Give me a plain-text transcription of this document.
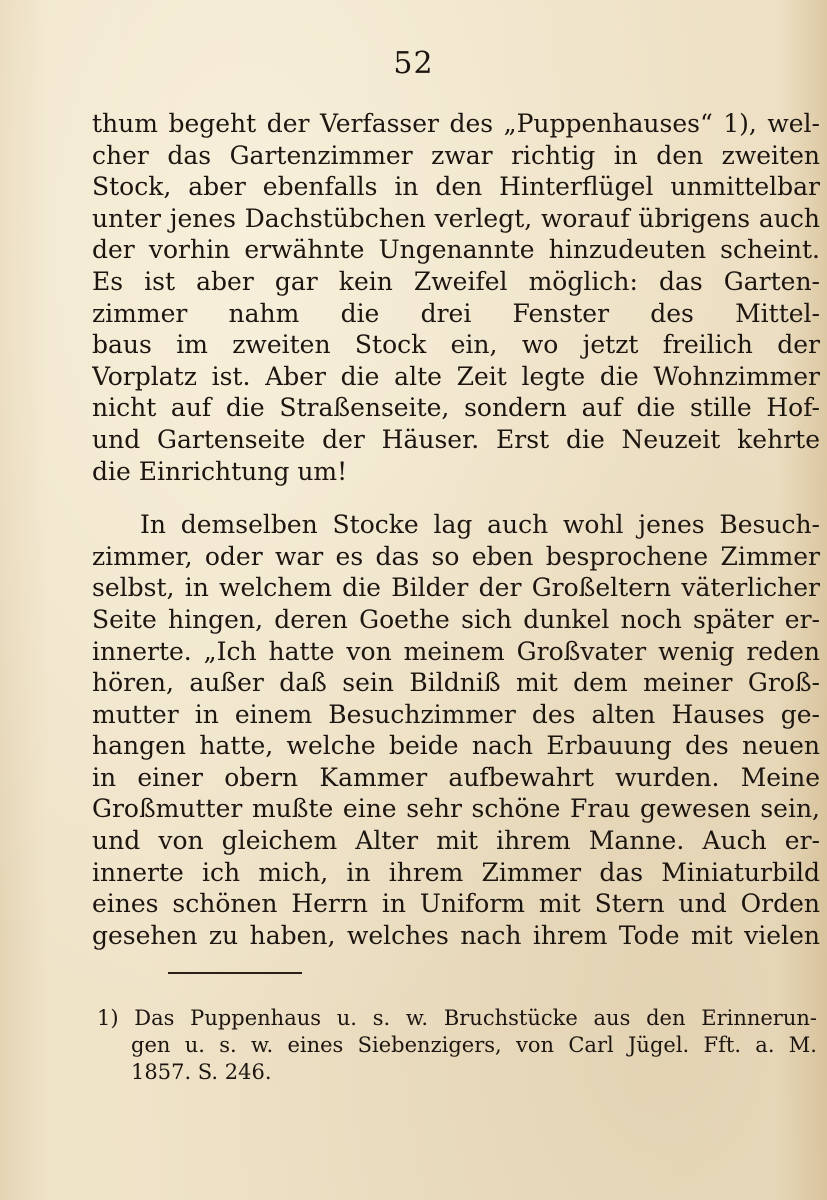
52
thum begeht der Verfasser des „Puppenhauses“ 1), wel-
cher das Gartenzimmer zwar richtig in den zweiten
Stock, aber ebenfalls in den Hinterflügel unmittelbar
unter jenes Dachstübchen verlegt, worauf übrigens auch
der vorhin erwähnte Ungenannte hinzudeuten scheint.
Es ist aber gar kein Zweifel möglich: das Garten-
zimmer nahm die drei Fenster des Mittel-
baus im zweiten Stock ein, wo jetzt freilich der
Vorplatz ist. Aber die alte Zeit legte die Wohnzimmer
nicht auf die Straßenseite, sondern auf die stille Hof-
und Gartenseite der Häuser. Erst die Neuzeit kehrte
die Einrichtung um!
In demselben Stocke lag auch wohl jenes Besuch-
zimmer, oder war es das so eben besprochene Zimmer
selbst, in welchem die Bilder der Großeltern väterlicher
Seite hingen, deren Goethe sich dunkel noch später er-
innerte. „Ich hatte von meinem Großvater wenig reden
hören, außer daß sein Bildniß mit dem meiner Groß-
mutter in einem Besuchzimmer des alten Hauses ge-
hangen hatte, welche beide nach Erbauung des neuen
in einer obern Kammer aufbewahrt wurden. Meine
Großmutter mußte eine sehr schöne Frau gewesen sein,
und von gleichem Alter mit ihrem Manne. Auch er-
innerte ich mich, in ihrem Zimmer das Miniaturbild
eines schönen Herrn in Uniform mit Stern und Orden
gesehen zu haben, welches nach ihrem Tode mit vielen
1) Das Puppenhaus u. s. w. Bruchstücke aus den Erinnerun-
gen u. s. w. eines Siebenzigers, von Carl Jügel. Fft. a. M.
1857. S. 246.
